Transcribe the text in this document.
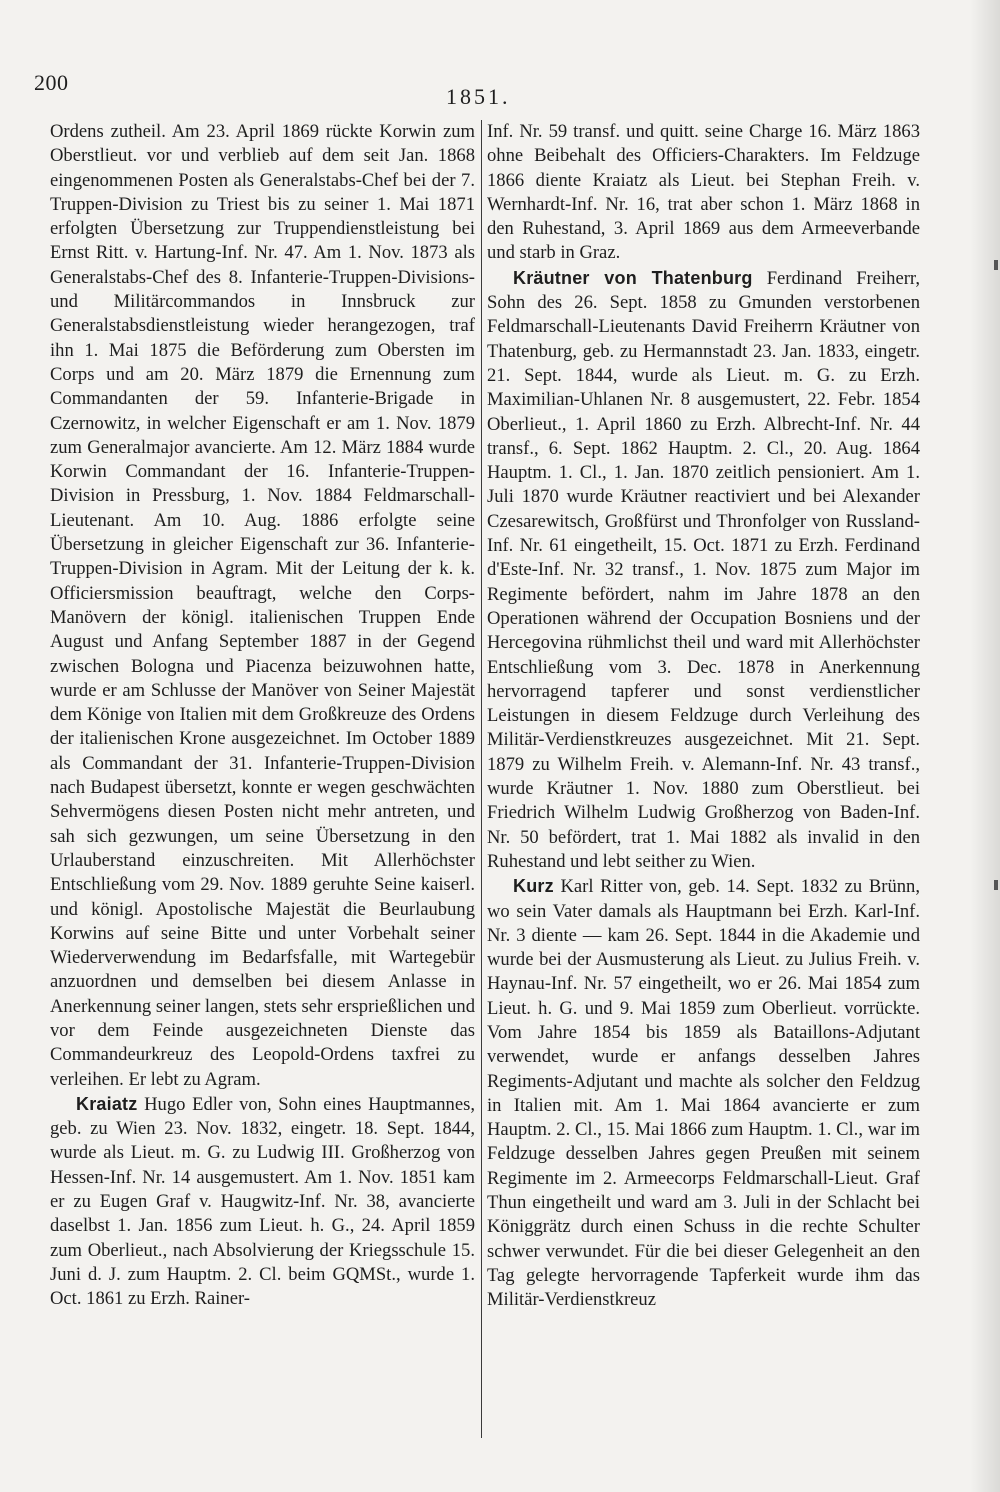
200
1851.

Ordens zutheil. Am 23. April 1869 rückte Korwin zum Oberstlieut. vor und verblieb auf dem seit Jan. 1868 eingenommenen Posten als Generalstabs-Chef bei der 7. Truppen-Division zu Triest bis zu seiner 1. Mai 1871 erfolgten Übersetzung zur Truppendienstleistung bei Ernst Ritt. v. Hartung-Inf. Nr. 47. Am 1. Nov. 1873 als Generalstabs-Chef des 8. Infanterie-Truppen-Divisions- und Militärcommandos in Innsbruck zur Generalstabsdienstleistung wieder herangezogen, traf ihn 1. Mai 1875 die Beförderung zum Obersten im Corps und am 20. März 1879 die Ernennung zum Commandanten der 59. Infanterie-Brigade in Czernowitz, in welcher Eigenschaft er am 1. Nov. 1879 zum Generalmajor avancierte. Am 12. März 1884 wurde Korwin Commandant der 16. Infanterie-Truppen-Division in Pressburg, 1. Nov. 1884 Feldmarschall-Lieutenant. Am 10. Aug. 1886 erfolgte seine Übersetzung in gleicher Eigenschaft zur 36. Infanterie-Truppen-Division in Agram. Mit der Leitung der k. k. Officiersmission beauftragt, welche den Corps-Manövern der königl. italienischen Truppen Ende August und Anfang September 1887 in der Gegend zwischen Bologna und Piacenza beizuwohnen hatte, wurde er am Schlusse der Manöver von Seiner Majestät dem Könige von Italien mit dem Großkreuze des Ordens der italienischen Krone ausgezeichnet. Im October 1889 als Commandant der 31. Infanterie-Truppen-Division nach Budapest übersetzt, konnte er wegen geschwächten Sehvermögens diesen Posten nicht mehr antreten, und sah sich gezwungen, um seine Übersetzung in den Urlauberstand einzuschreiten. Mit Allerhöchster Entschließung vom 29. Nov. 1889 geruhte Seine kaiserl. und königl. Apostolische Majestät die Beurlaubung Korwins auf seine Bitte und unter Vorbehalt seiner Wiederverwendung im Bedarfsfalle, mit Wartegebür anzuordnen und demselben bei diesem Anlasse in Anerkennung seiner langen, stets sehr ersprießlichen und vor dem Feinde ausgezeichneten Dienste das Commandeurkreuz des Leopold-Ordens taxfrei zu verleihen. Er lebt zu Agram.

Kraiatz Hugo Edler von, Sohn eines Hauptmannes, geb. zu Wien 23. Nov. 1832, eingetr. 18. Sept. 1844, wurde als Lieut. m. G. zu Ludwig III. Großherzog von Hessen-Inf. Nr. 14 ausgemustert. Am 1. Nov. 1851 kam er zu Eugen Graf v. Haugwitz-Inf. Nr. 38, avancierte daselbst 1. Jan. 1856 zum Lieut. h. G., 24. April 1859 zum Oberlieut., nach Absolvierung der Kriegsschule 15. Juni d. J. zum Hauptm. 2. Cl. beim GQMSt., wurde 1. Oct. 1861 zu Erzh. Rainer-

Inf. Nr. 59 transf. und quitt. seine Charge 16. März 1863 ohne Beibehalt des Officiers-Charakters. Im Feldzuge 1866 diente Kraiatz als Lieut. bei Stephan Freih. v. Wernhardt-Inf. Nr. 16, trat aber schon 1. März 1868 in den Ruhestand, 3. April 1869 aus dem Armeeverbande und starb in Graz.

Kräutner von Thatenburg Ferdinand Freiherr, Sohn des 26. Sept. 1858 zu Gmunden verstorbenen Feldmarschall-Lieutenants David Freiherrn Kräutner von Thatenburg, geb. zu Hermannstadt 23. Jan. 1833, eingetr. 21. Sept. 1844, wurde als Lieut. m. G. zu Erzh. Maximilian-Uhlanen Nr. 8 ausgemustert, 22. Febr. 1854 Oberlieut., 1. April 1860 zu Erzh. Albrecht-Inf. Nr. 44 transf., 6. Sept. 1862 Hauptm. 2. Cl., 20. Aug. 1864 Hauptm. 1. Cl., 1. Jan. 1870 zeitlich pensioniert. Am 1. Juli 1870 wurde Kräutner reactiviert und bei Alexander Czesarewitsch, Großfürst und Thronfolger von Russland-Inf. Nr. 61 eingetheilt, 15. Oct. 1871 zu Erzh. Ferdinand d'Este-Inf. Nr. 32 transf., 1. Nov. 1875 zum Major im Regimente befördert, nahm im Jahre 1878 an den Operationen während der Occupation Bosniens und der Hercegovina rühmlichst theil und ward mit Allerhöchster Entschließung vom 3. Dec. 1878 in Anerkennung hervorragend tapferer und sonst verdienstlicher Leistungen in diesem Feldzuge durch Verleihung des Militär-Verdienstkreuzes ausgezeichnet. Mit 21. Sept. 1879 zu Wilhelm Freih. v. Alemann-Inf. Nr. 43 transf., wurde Kräutner 1. Nov. 1880 zum Oberstlieut. bei Friedrich Wilhelm Ludwig Großherzog von Baden-Inf. Nr. 50 befördert, trat 1. Mai 1882 als invalid in den Ruhestand und lebt seither zu Wien.

Kurz Karl Ritter von, geb. 14. Sept. 1832 zu Brünn, wo sein Vater damals als Hauptmann bei Erzh. Karl-Inf. Nr. 3 diente — kam 26. Sept. 1844 in die Akademie und wurde bei der Ausmusterung als Lieut. zu Julius Freih. v. Haynau-Inf. Nr. 57 eingetheilt, wo er 26. Mai 1854 zum Lieut. h. G. und 9. Mai 1859 zum Oberlieut. vorrückte. Vom Jahre 1854 bis 1859 als Bataillons-Adjutant verwendet, wurde er anfangs desselben Jahres Regiments-Adjutant und machte als solcher den Feldzug in Italien mit. Am 1. Mai 1864 avancierte er zum Hauptm. 2. Cl., 15. Mai 1866 zum Hauptm. 1. Cl., war im Feldzuge desselben Jahres gegen Preußen mit seinem Regimente im 2. Armeecorps Feldmarschall-Lieut. Graf Thun eingetheilt und ward am 3. Juli in der Schlacht bei Königgrätz durch einen Schuss in die rechte Schulter schwer verwundet. Für die bei dieser Gelegenheit an den Tag gelegte hervorragende Tapferkeit wurde ihm das Militär-Verdienstkreuz
